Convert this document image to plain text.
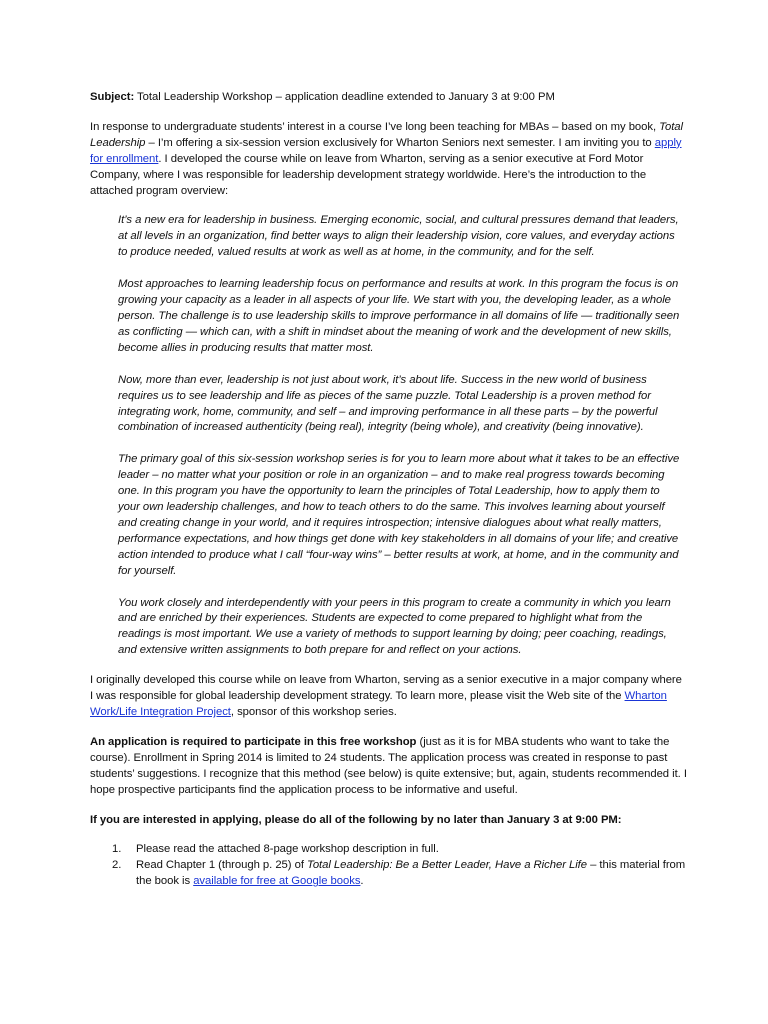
Subject: Total Leadership Workshop – application deadline extended to January 3 at 9:00 PM

In response to undergraduate students’ interest in a course I’ve long been teaching for MBAs – based on my book, Total Leadership – I’m offering a six-session version exclusively for Wharton Seniors next semester. I am inviting you to apply for enrollment. I developed the course while on leave from Wharton, serving as a senior executive at Ford Motor Company, where I was responsible for leadership development strategy worldwide. Here’s the introduction to the attached program overview:

It’s a new era for leadership in business. Emerging economic, social, and cultural pressures demand that leaders, at all levels in an organization, find better ways to align their leadership vision, core values, and everyday actions to produce needed, valued results at work as well as at home, in the community, and for the self.

Most approaches to learning leadership focus on performance and results at work. In this program the focus is on growing your capacity as a leader in all aspects of your life. We start with you, the developing leader, as a whole person. The challenge is to use leadership skills to improve performance in all domains of life — traditionally seen as conflicting — which can, with a shift in mindset about the meaning of work and the development of new skills, become allies in producing results that matter most.

Now, more than ever, leadership is not just about work, it’s about life. Success in the new world of business requires us to see leadership and life as pieces of the same puzzle. Total Leadership is a proven method for integrating work, home, community, and self – and improving performance in all these parts – by the powerful combination of increased authenticity (being real), integrity (being whole), and creativity (being innovative).

The primary goal of this six-session workshop series is for you to learn more about what it takes to be an effective leader – no matter what your position or role in an organization – and to make real progress towards becoming one. In this program you have the opportunity to learn the principles of Total Leadership, how to apply them to your own leadership challenges, and how to teach others to do the same. This involves learning about yourself and creating change in your world, and it requires introspection; intensive dialogues about what really matters, performance expectations, and how things get done with key stakeholders in all domains of your life; and creative action intended to produce what I call “four-way wins” – better results at work, at home, and in the community and for yourself.

You work closely and interdependently with your peers in this program to create a community in which you learn and are enriched by their experiences. Students are expected to come prepared to highlight what from the readings is most important. We use a variety of methods to support learning by doing; peer coaching, readings, and extensive written assignments to both prepare for and reflect on your actions.

I originally developed this course while on leave from Wharton, serving as a senior executive in a major company where I was responsible for global leadership development strategy. To learn more, please visit the Web site of the Wharton Work/Life Integration Project, sponsor of this workshop series.

An application is required to participate in this free workshop (just as it is for MBA students who want to take the course). Enrollment in Spring 2014 is limited to 24 students. The application process was created in response to past students’ suggestions. I recognize that this method (see below) is quite extensive; but, again, students recommended it. I hope prospective participants find the application process to be informative and useful.

If you are interested in applying, please do all of the following by no later than January 3 at 9:00 PM:

1.	Please read the attached 8-page workshop description in full.
2.	Read Chapter 1 (through p. 25) of Total Leadership: Be a Better Leader, Have a Richer Life – this material from the book is available for free at Google books.
